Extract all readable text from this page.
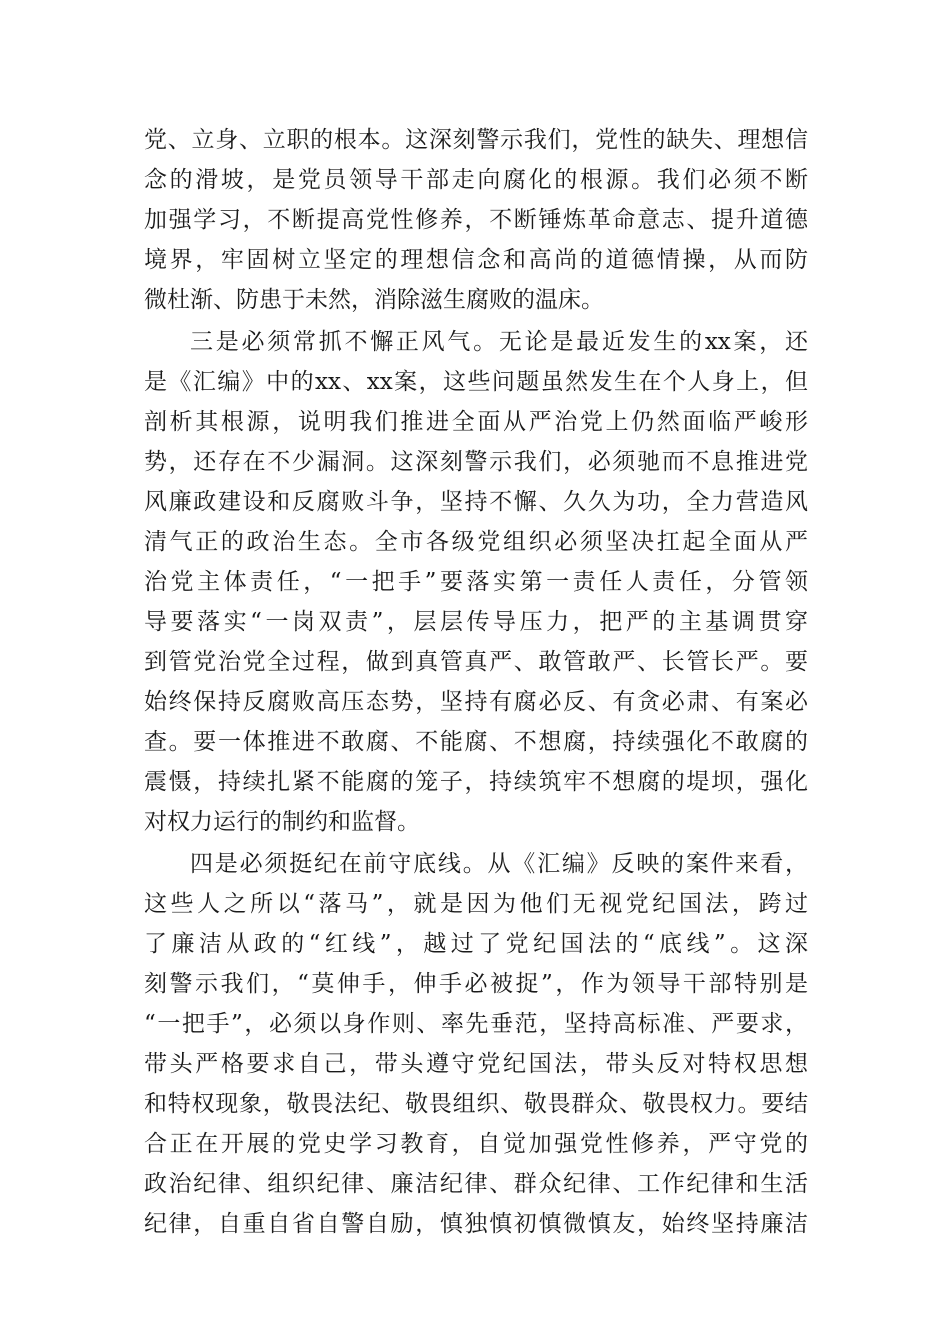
党、立身、立职的根本。这深刻警示我们，党性的缺失、理想信
念的滑坡，是党员领导干部走向腐化的根源。我们必须不断
加强学习，不断提高党性修养，不断锤炼革命意志、提升道德
境界，牢固树立坚定的理想信念和高尚的道德情操，从而防
微杜渐、防患于未然，消除滋生腐败的温床。
三是必须常抓不懈正风气。无论是最近发生的xx案，还
是《汇编》中的xx、xx案，这些问题虽然发生在个人身上，但
剖析其根源，说明我们推进全面从严治党上仍然面临严峻形
势，还存在不少漏洞。这深刻警示我们，必须驰而不息推进党
风廉政建设和反腐败斗争，坚持不懈、久久为功，全力营造风
清气正的政治生态。全市各级党组织必须坚决扛起全面从严
治党主体责任，“一把手”要落实第一责任人责任，分管领
导要落实“一岗双责”，层层传导压力，把严的主基调贯穿
到管党治党全过程，做到真管真严、敢管敢严、长管长严。要
始终保持反腐败高压态势，坚持有腐必反、有贪必肃、有案必
查。要一体推进不敢腐、不能腐、不想腐，持续强化不敢腐的
震慑，持续扎紧不能腐的笼子，持续筑牢不想腐的堤坝，强化
对权力运行的制约和监督。
四是必须挺纪在前守底线。从《汇编》反映的案件来看，
这些人之所以“落马”，就是因为他们无视党纪国法，跨过
了廉洁从政的“红线”，越过了党纪国法的“底线”。这深
刻警示我们，“莫伸手，伸手必被捉”，作为领导干部特别是
“一把手”，必须以身作则、率先垂范，坚持高标准、严要求，
带头严格要求自己，带头遵守党纪国法，带头反对特权思想
和特权现象，敬畏法纪、敬畏组织、敬畏群众、敬畏权力。要结
合正在开展的党史学习教育，自觉加强党性修养，严守党的
政治纪律、组织纪律、廉洁纪律、群众纪律、工作纪律和生活
纪律，自重自省自警自励，慎独慎初慎微慎友，始终坚持廉洁
